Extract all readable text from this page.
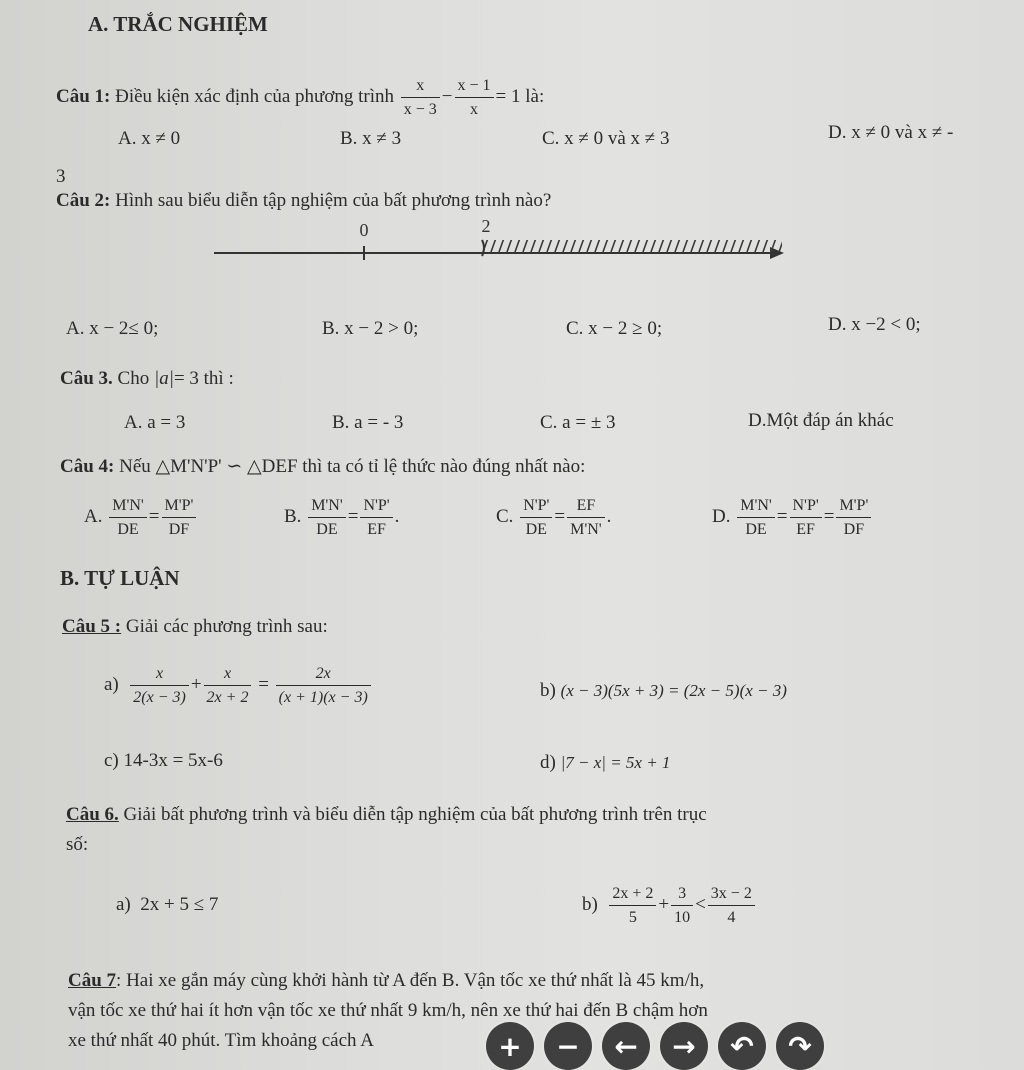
A. TRẮC NGHIỆM
Câu 1: Điều kiện xác định của phương trình $\frac{x}{x - 3} - \frac{x - 1}{x} = 1$ là:
A. x ≠ 0	B. x ≠ 3	C. x ≠ 0 và x ≠ 3	D. x ≠ 0 và x ≠ -
3
Câu 2: Hình sau biểu diễn tập nghiệm của bất phương trình nào?
0	2
A. x − 2≤ 0;	B. x − 2 > 0;	C. x − 2 ≥ 0;	D. x −2 < 0;
Câu 3. Cho |a|= 3 thì :
A. a = 3	B. a = - 3	C. a = ± 3	D.Một đáp án khác
Câu 4: Nếu △M'N'P' ∽ △DEF thì ta có tỉ lệ thức nào đúng nhất nào:
A. $\frac{M'N'}{DE} = \frac{M'P'}{DF}$	B. $\frac{M'N'}{DE} = \frac{N'P'}{EF}$ .	C. $\frac{N'P'}{DE} = \frac{EF}{M'N'}$ .	D. $\frac{M'N'}{DE} = \frac{N'P'}{EF} = \frac{M'P'}{DF}$
B. TỰ LUẬN
Câu 5 : Giải các phương trình sau:
$a) \frac{x}{2(x - 3)} + \frac{x}{2x + 2} = \frac{2x}{(x + 1)(x - 3)}$	b) (x − 3)(5x + 3) = (2x − 5)(x − 3)
c) 14-3x = 5x-6	d) |7 − x| = 5x + 1
Câu 6. Giải bất phương trình và biểu diễn tập nghiệm của bất phương trình trên trục
số:
a) 2x + 5 ≤ 7	$b) \frac{2x + 2}{5} + \frac{3}{10} < \frac{3x - 2}{4}$
Câu 7: Hai xe gắn máy cùng khởi hành từ A đến B. Vận tốc xe thứ nhất là 45 km/h,
vận tốc xe thứ hai ít hơn vận tốc xe thứ nhất 9 km/h, nên xe thứ hai đến B chậm hơn
xe thứ nhất 40 phút. Tìm khoảng cách A	+ − ← → ↶ ↷
